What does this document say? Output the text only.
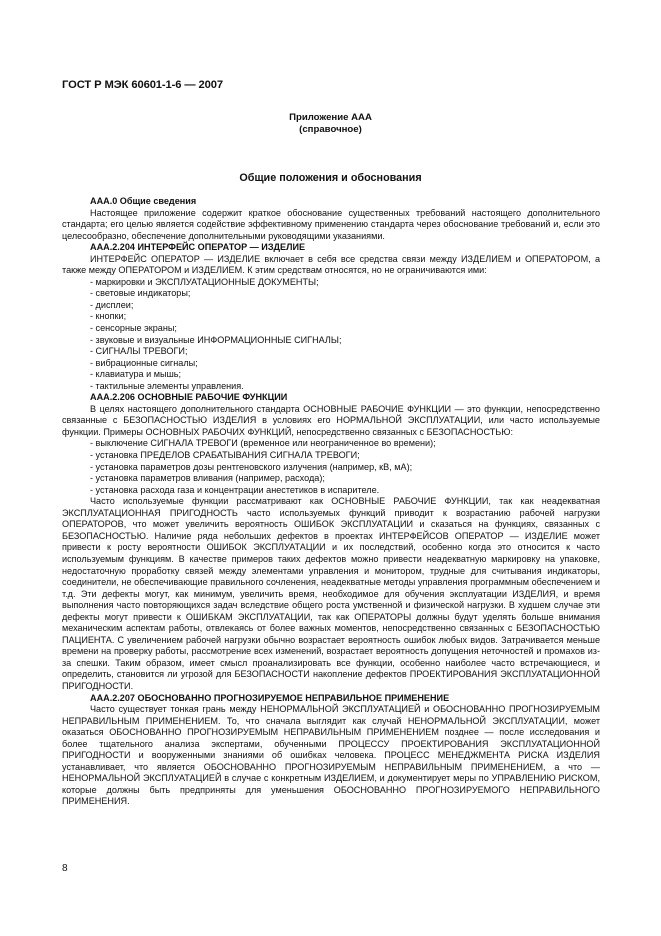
ГОСТ Р МЭК 60601-1-6 — 2007
Приложение ААА
(справочное)
Общие положения и обоснования

ААА.0 Общие сведения

Настоящее приложение содержит краткое обоснование существенных требований настоящего дополнительного стандарта; его целью является содействие эффективному применению стандарта через обоснование требований и, если это целесообразно, обеспечение дополнительными руководящими указаниями.

ААА.2.204 ИНТЕРФЕЙС ОПЕРАТОР — ИЗДЕЛИЕ

ИНТЕРФЕЙС ОПЕРАТОР — ИЗДЕЛИЕ включает в себя все средства связи между ИЗДЕЛИЕМ и ОПЕРАТОРОМ, а также между ОПЕРАТОРОМ и ИЗДЕЛИЕМ. К этим средствам относятся, но не ограничиваются ими:

- маркировки и ЭКСПЛУАТАЦИОННЫЕ ДОКУМЕНТЫ;

- световые индикаторы;

- дисплеи;

- кнопки;

- сенсорные экраны;

- звуковые и визуальные ИНФОРМАЦИОННЫЕ СИГНАЛЫ;

- СИГНАЛЫ ТРЕВОГИ;

- вибрационные сигналы;

- клавиатура и мышь;

- тактильные элементы управления.

ААА.2.206 ОСНОВНЫЕ РАБОЧИЕ ФУНКЦИИ

В целях настоящего дополнительного стандарта ОСНОВНЫЕ РАБОЧИЕ ФУНКЦИИ — это функции, непосредственно связанные с БЕЗОПАСНОСТЬЮ ИЗДЕЛИЯ в условиях его НОРМАЛЬНОЙ ЭКСПЛУАТАЦИИ, или часто используемые функции. Примеры ОСНОВНЫХ РАБОЧИХ ФУНКЦИЙ, непосредственно связанных с БЕЗОПАСНОСТЬЮ:

- выключение СИГНАЛА ТРЕВОГИ (временное или неограниченное во времени);

- установка ПРЕДЕЛОВ СРАБАТЫВАНИЯ СИГНАЛА ТРЕВОГИ;

- установка параметров дозы рентгеновского излучения (например, кВ, мА);

- установка параметров вливания (например, расхода);

- установка расхода газа и концентрации анестетиков в испарителе.

Часто используемые функции рассматривают как ОСНОВНЫЕ РАБОЧИЕ ФУНКЦИИ, так как неадекватная ЭКСПЛУАТАЦИОННАЯ ПРИГОДНОСТЬ часто используемых функций приводит к возрастанию рабочей нагрузки ОПЕРАТОРОВ, что может увеличить вероятность ОШИБОК ЭКСПЛУАТАЦИИ и сказаться на функциях, связанных с БЕЗОПАСНОСТЬЮ. Наличие ряда небольших дефектов в проектах ИНТЕРФЕЙСОВ ОПЕРАТОР — ИЗДЕЛИЕ может привести к росту вероятности ОШИБОК ЭКСПЛУАТАЦИИ и их последствий, особенно когда это относится к часто используемым функциям. В качестве примеров таких дефектов можно привести неадекватную маркировку на упаковке, недостаточную проработку связей между элементами управления и монитором, трудные для считывания индикаторы, соединители, не обеспечивающие правильного сочленения, неадекватные методы управления программным обеспечением и т.д. Эти дефекты могут, как минимум, увеличить время, необходимое для обучения эксплуатации ИЗДЕЛИЯ, и время выполнения часто повторяющихся задач вследствие общего роста умственной и физической нагрузки. В худшем случае эти дефекты могут привести к ОШИБКАМ ЭКСПЛУАТАЦИИ, так как ОПЕРАТОРЫ должны будут уделять больше внимания механическим аспектам работы, отвлекаясь от более важных моментов, непосредственно связанных с БЕЗОПАСНОСТЬЮ ПАЦИЕНТА. С увеличением рабочей нагрузки обычно возрастает вероятность ошибок любых видов. Затрачивается меньше времени на проверку работы, рассмотрение всех изменений, возрастает вероятность допущения неточностей и промахов из-за спешки. Таким образом, имеет смысл проанализировать все функции, особенно наиболее часто встречающиеся, и определить, становится ли угрозой для БЕЗОПАСНОСТИ накопление дефектов ПРОЕКТИРОВАНИЯ ЭКСПЛУАТАЦИОННОЙ ПРИГОДНОСТИ.

ААА.2.207 ОБОСНОВАННО ПРОГНОЗИРУЕМОЕ НЕПРАВИЛЬНОЕ ПРИМЕНЕНИЕ

Часто существует тонкая грань между НЕНОРМАЛЬНОЙ ЭКСПЛУАТАЦИЕЙ и ОБОСНОВАННО ПРОГНОЗИРУЕМЫМ НЕПРАВИЛЬНЫМ ПРИМЕНЕНИЕМ. То, что сначала выглядит как случай НЕНОРМАЛЬНОЙ ЭКСПЛУАТАЦИИ, может оказаться ОБОСНОВАННО ПРОГНОЗИРУЕМЫМ НЕПРАВИЛЬНЫМ ПРИМЕНЕНИЕМ позднее — после исследования и более тщательного анализа экспертами, обученными ПРОЦЕССУ ПРОЕКТИРОВАНИЯ ЭКСПЛУАТАЦИОННОЙ ПРИГОДНОСТИ и вооруженными знаниями об ошибках человека. ПРОЦЕСС МЕНЕДЖМЕНТА РИСКА ИЗДЕЛИЯ устанавливает, что является ОБОСНОВАННО ПРОГНОЗИРУЕМЫМ НЕПРАВИЛЬНЫМ ПРИМЕНЕНИЕМ, а что — НЕНОРМАЛЬНОЙ ЭКСПЛУАТАЦИЕЙ в случае с конкретным ИЗДЕЛИЕМ, и документирует меры по УПРАВЛЕНИЮ РИСКОМ, которые должны быть предприняты для уменьшения ОБОСНОВАННО ПРОГНОЗИРУЕМОГО НЕПРАВИЛЬНОГО ПРИМЕНЕНИЯ.

8
